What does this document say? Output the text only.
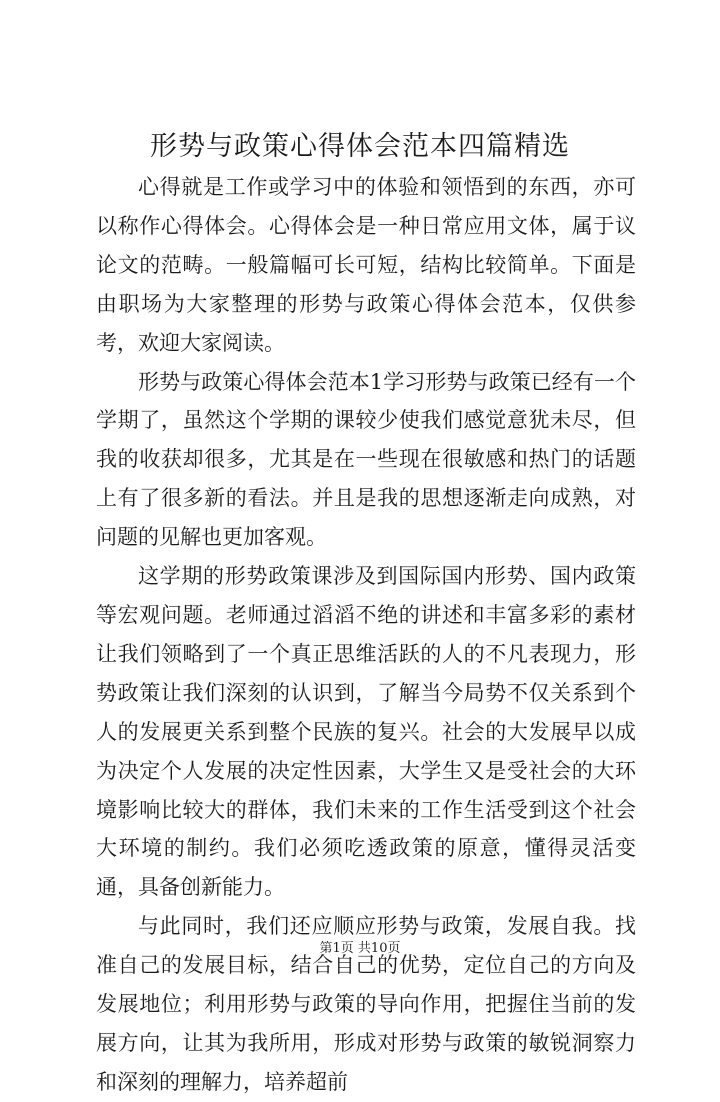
形势与政策心得体会范本四篇精选

心得就是工作或学习中的体验和领悟到的东西，亦可以称作心得体会。心得体会是一种日常应用文体，属于议论文的范畴。一般篇幅可长可短，结构比较简单。下面是由职场为大家整理的形势与政策心得体会范本，仅供参考，欢迎大家阅读。

形势与政策心得体会范本1学习形势与政策已经有一个学期了，虽然这个学期的课较少使我们感觉意犹未尽，但我的收获却很多，尤其是在一些现在很敏感和热门的话题上有了很多新的看法。并且是我的思想逐渐走向成熟，对问题的见解也更加客观。

这学期的形势政策课涉及到国际国内形势、国内政策等宏观问题。老师通过滔滔不绝的讲述和丰富多彩的素材让我们领略到了一个真正思维活跃的人的不凡表现力，形势政策让我们深刻的认识到，了解当今局势不仅关系到个人的发展更关系到整个民族的复兴。社会的大发展早以成为决定个人发展的决定性因素，大学生又是受社会的大环境影响比较大的群体，我们未来的工作生活受到这个社会大环境的制约。我们必须吃透政策的原意，懂得灵活变通，具备创新能力。

与此同时，我们还应顺应形势与政策，发展自我。找准自己的发展目标，结合自己的优势，定位自己的方向及发展地位；利用形势与政策的导向作用，把握住当前的发展方向，让其为我所用，形成对形势与政策的敏锐洞察力和深刻的理解力，培养超前

第1页 共10页
